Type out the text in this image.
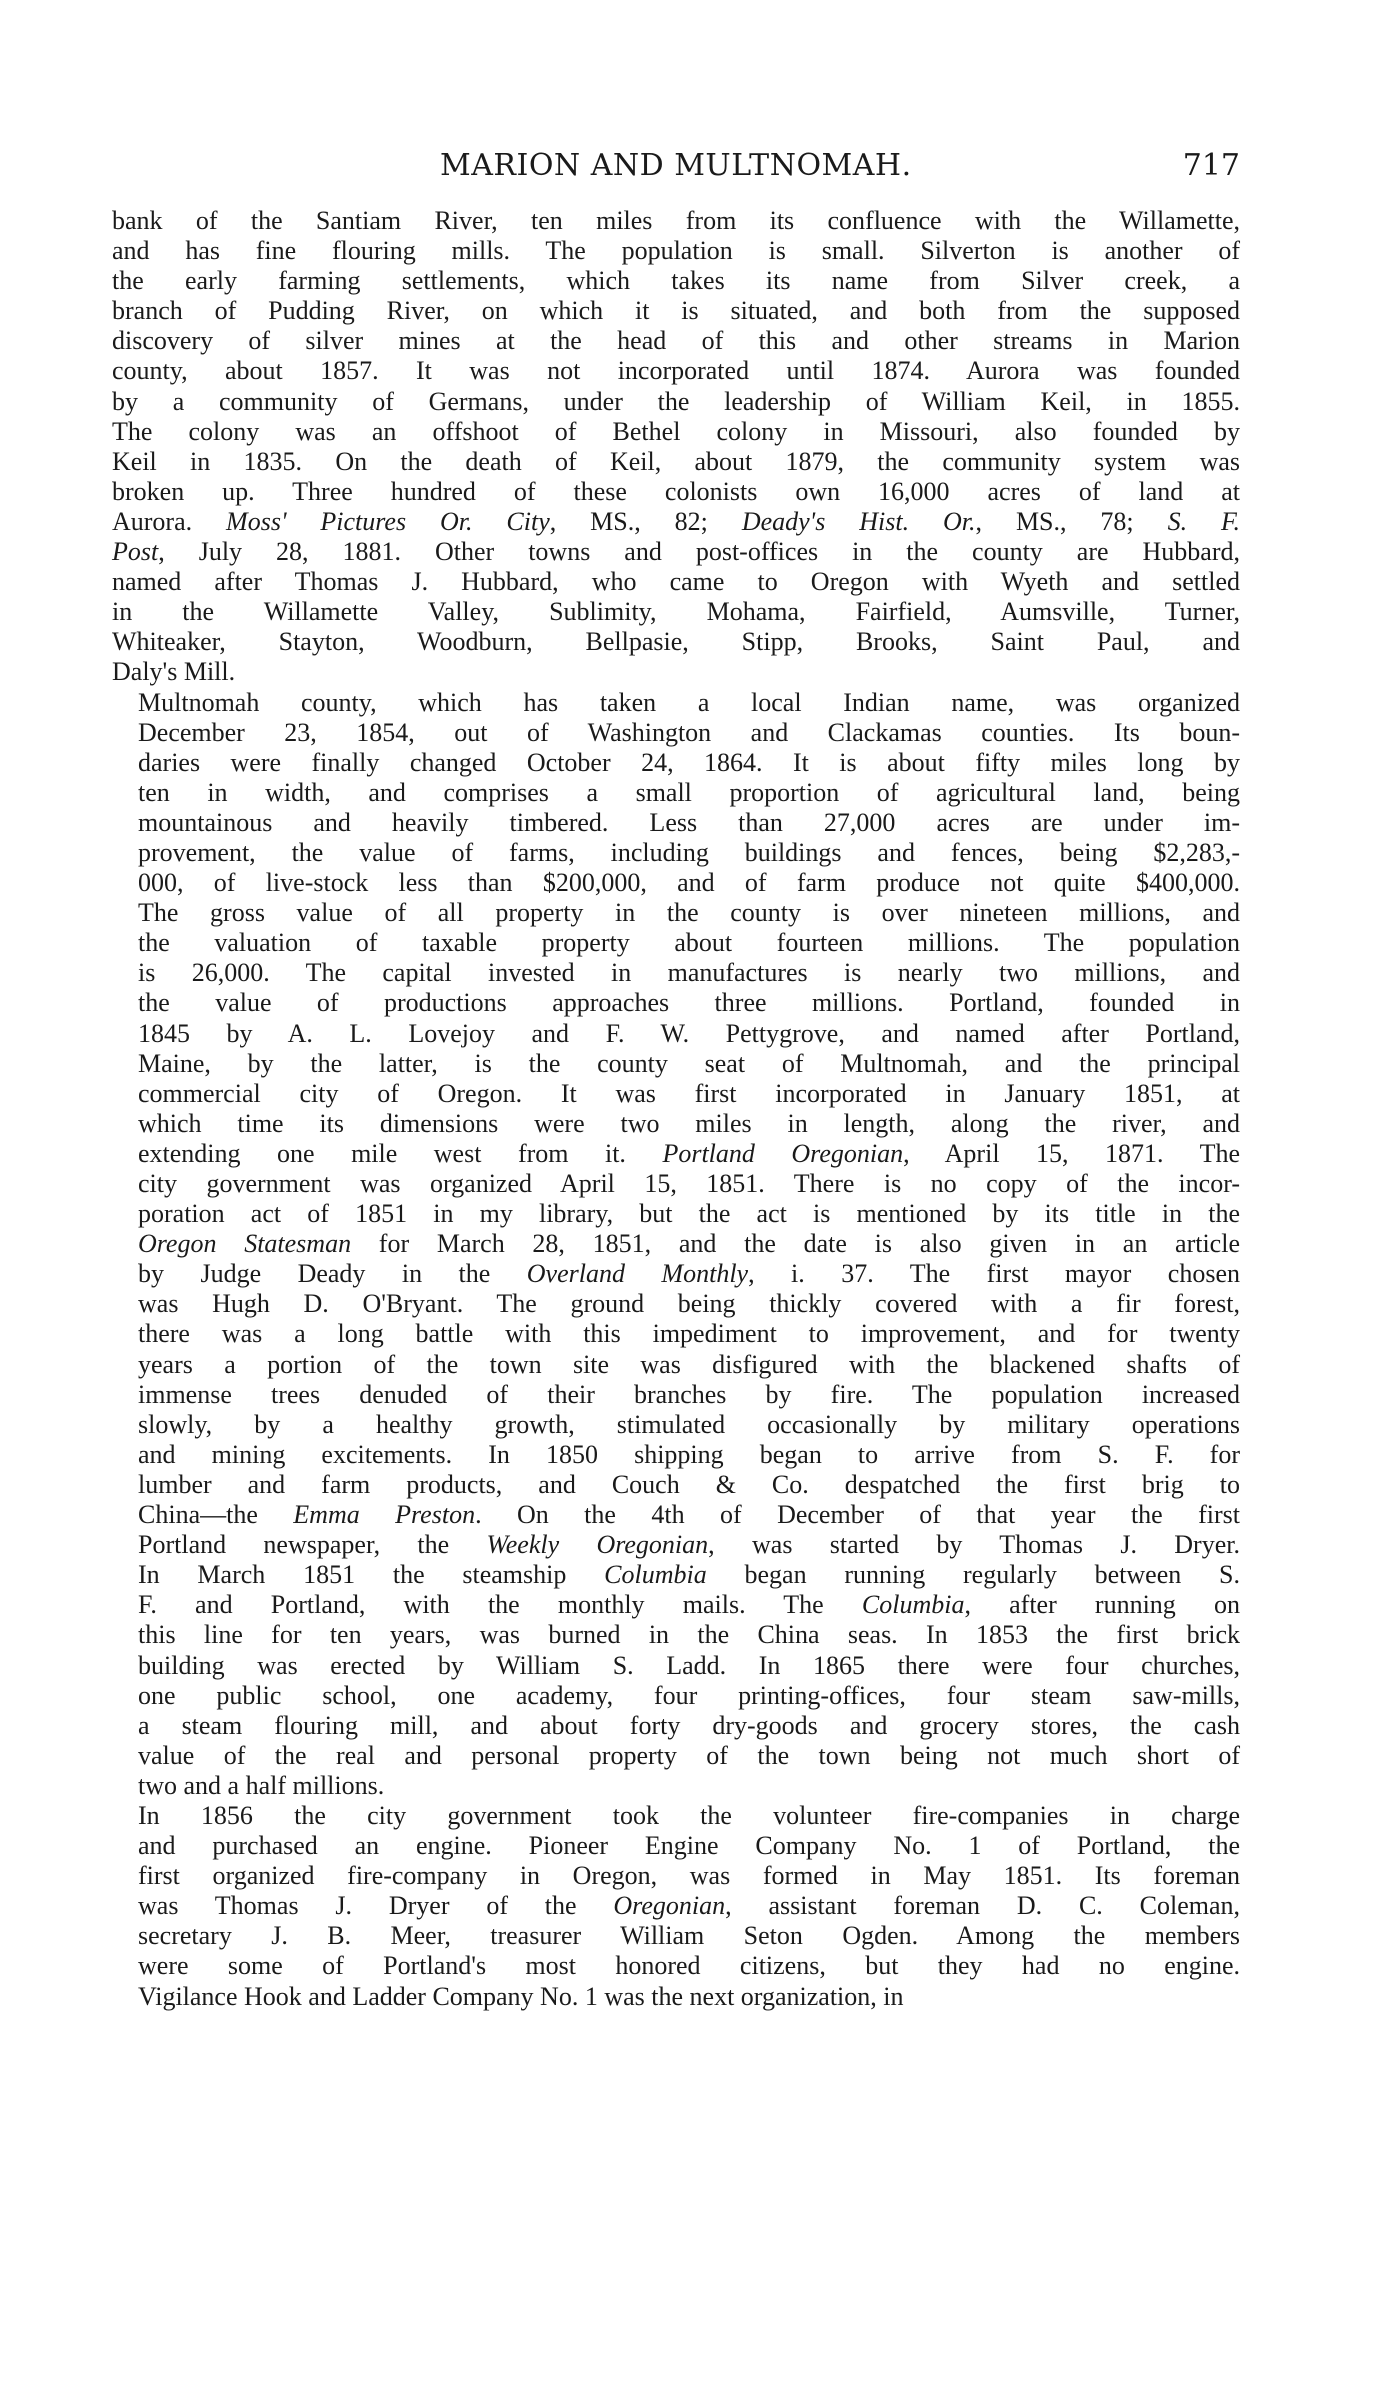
MARION AND MULTNOMAH.	717
bank of the Santiam River, ten miles from its confluence with the Willamette,
and has fine flouring mills. The population is small. Silverton is another of
the early farming settlements, which takes its name from Silver creek, a
branch of Pudding River, on which it is situated, and both from the supposed
discovery of silver mines at the head of this and other streams in Marion
county, about 1857. It was not incorporated until 1874. Aurora was founded
by a community of Germans, under the leadership of William Keil, in 1855.
The colony was an offshoot of Bethel colony in Missouri, also founded by
Keil in 1835. On the death of Keil, about 1879, the community system was
broken up. Three hundred of these colonists own 16,000 acres of land at
Aurora. Moss' Pictures Or. City, MS., 82; Deady's Hist. Or., MS., 78; S. F.
Post, July 28, 1881. Other towns and post-offices in the county are Hubbard,
named after Thomas J. Hubbard, who came to Oregon with Wyeth and settled
in the Willamette Valley, Sublimity, Mohama, Fairfield, Aumsville, Turner,
Whiteaker, Stayton, Woodburn, Bellpasie, Stipp, Brooks, Saint Paul, and
Daly's Mill.
Multnomah county, which has taken a local Indian name, was organized
December 23, 1854, out of Washington and Clackamas counties. Its boun-
daries were finally changed October 24, 1864. It is about fifty miles long by
ten in width, and comprises a small proportion of agricultural land, being
mountainous and heavily timbered. Less than 27,000 acres are under im-
provement, the value of farms, including buildings and fences, being $2,283,-
000, of live-stock less than $200,000, and of farm produce not quite $400,000.
The gross value of all property in the county is over nineteen millions, and
the valuation of taxable property about fourteen millions. The population
is 26,000. The capital invested in manufactures is nearly two millions, and
the value of productions approaches three millions. Portland, founded in
1845 by A. L. Lovejoy and F. W. Pettygrove, and named after Portland,
Maine, by the latter, is the county seat of Multnomah, and the principal
commercial city of Oregon. It was first incorporated in January 1851, at
which time its dimensions were two miles in length, along the river, and
extending one mile west from it. Portland Oregonian, April 15, 1871. The
city government was organized April 15, 1851. There is no copy of the incor-
poration act of 1851 in my library, but the act is mentioned by its title in the
Oregon Statesman for March 28, 1851, and the date is also given in an article
by Judge Deady in the Overland Monthly, i. 37. The first mayor chosen
was Hugh D. O'Bryant. The ground being thickly covered with a fir forest,
there was a long battle with this impediment to improvement, and for twenty
years a portion of the town site was disfigured with the blackened shafts of
immense trees denuded of their branches by fire. The population increased
slowly, by a healthy growth, stimulated occasionally by military operations
and mining excitements. In 1850 shipping began to arrive from S. F. for
lumber and farm products, and Couch & Co. despatched the first brig to
China—the Emma Preston. On the 4th of December of that year the first
Portland newspaper, the Weekly Oregonian, was started by Thomas J. Dryer.
In March 1851 the steamship Columbia began running regularly between S.
F. and Portland, with the monthly mails. The Columbia, after running on
this line for ten years, was burned in the China seas. In 1853 the first brick
building was erected by William S. Ladd. In 1865 there were four churches,
one public school, one academy, four printing-offices, four steam saw-mills,
a steam flouring mill, and about forty dry-goods and grocery stores, the cash
value of the real and personal property of the town being not much short of
two and a half millions.
In 1856 the city government took the volunteer fire-companies in charge
and purchased an engine. Pioneer Engine Company No. 1 of Portland, the
first organized fire-company in Oregon, was formed in May 1851. Its foreman
was Thomas J. Dryer of the Oregonian, assistant foreman D. C. Coleman,
secretary J. B. Meer, treasurer William Seton Ogden. Among the members
were some of Portland's most honored citizens, but they had no engine.
Vigilance Hook and Ladder Company No. 1 was the next organization, in
